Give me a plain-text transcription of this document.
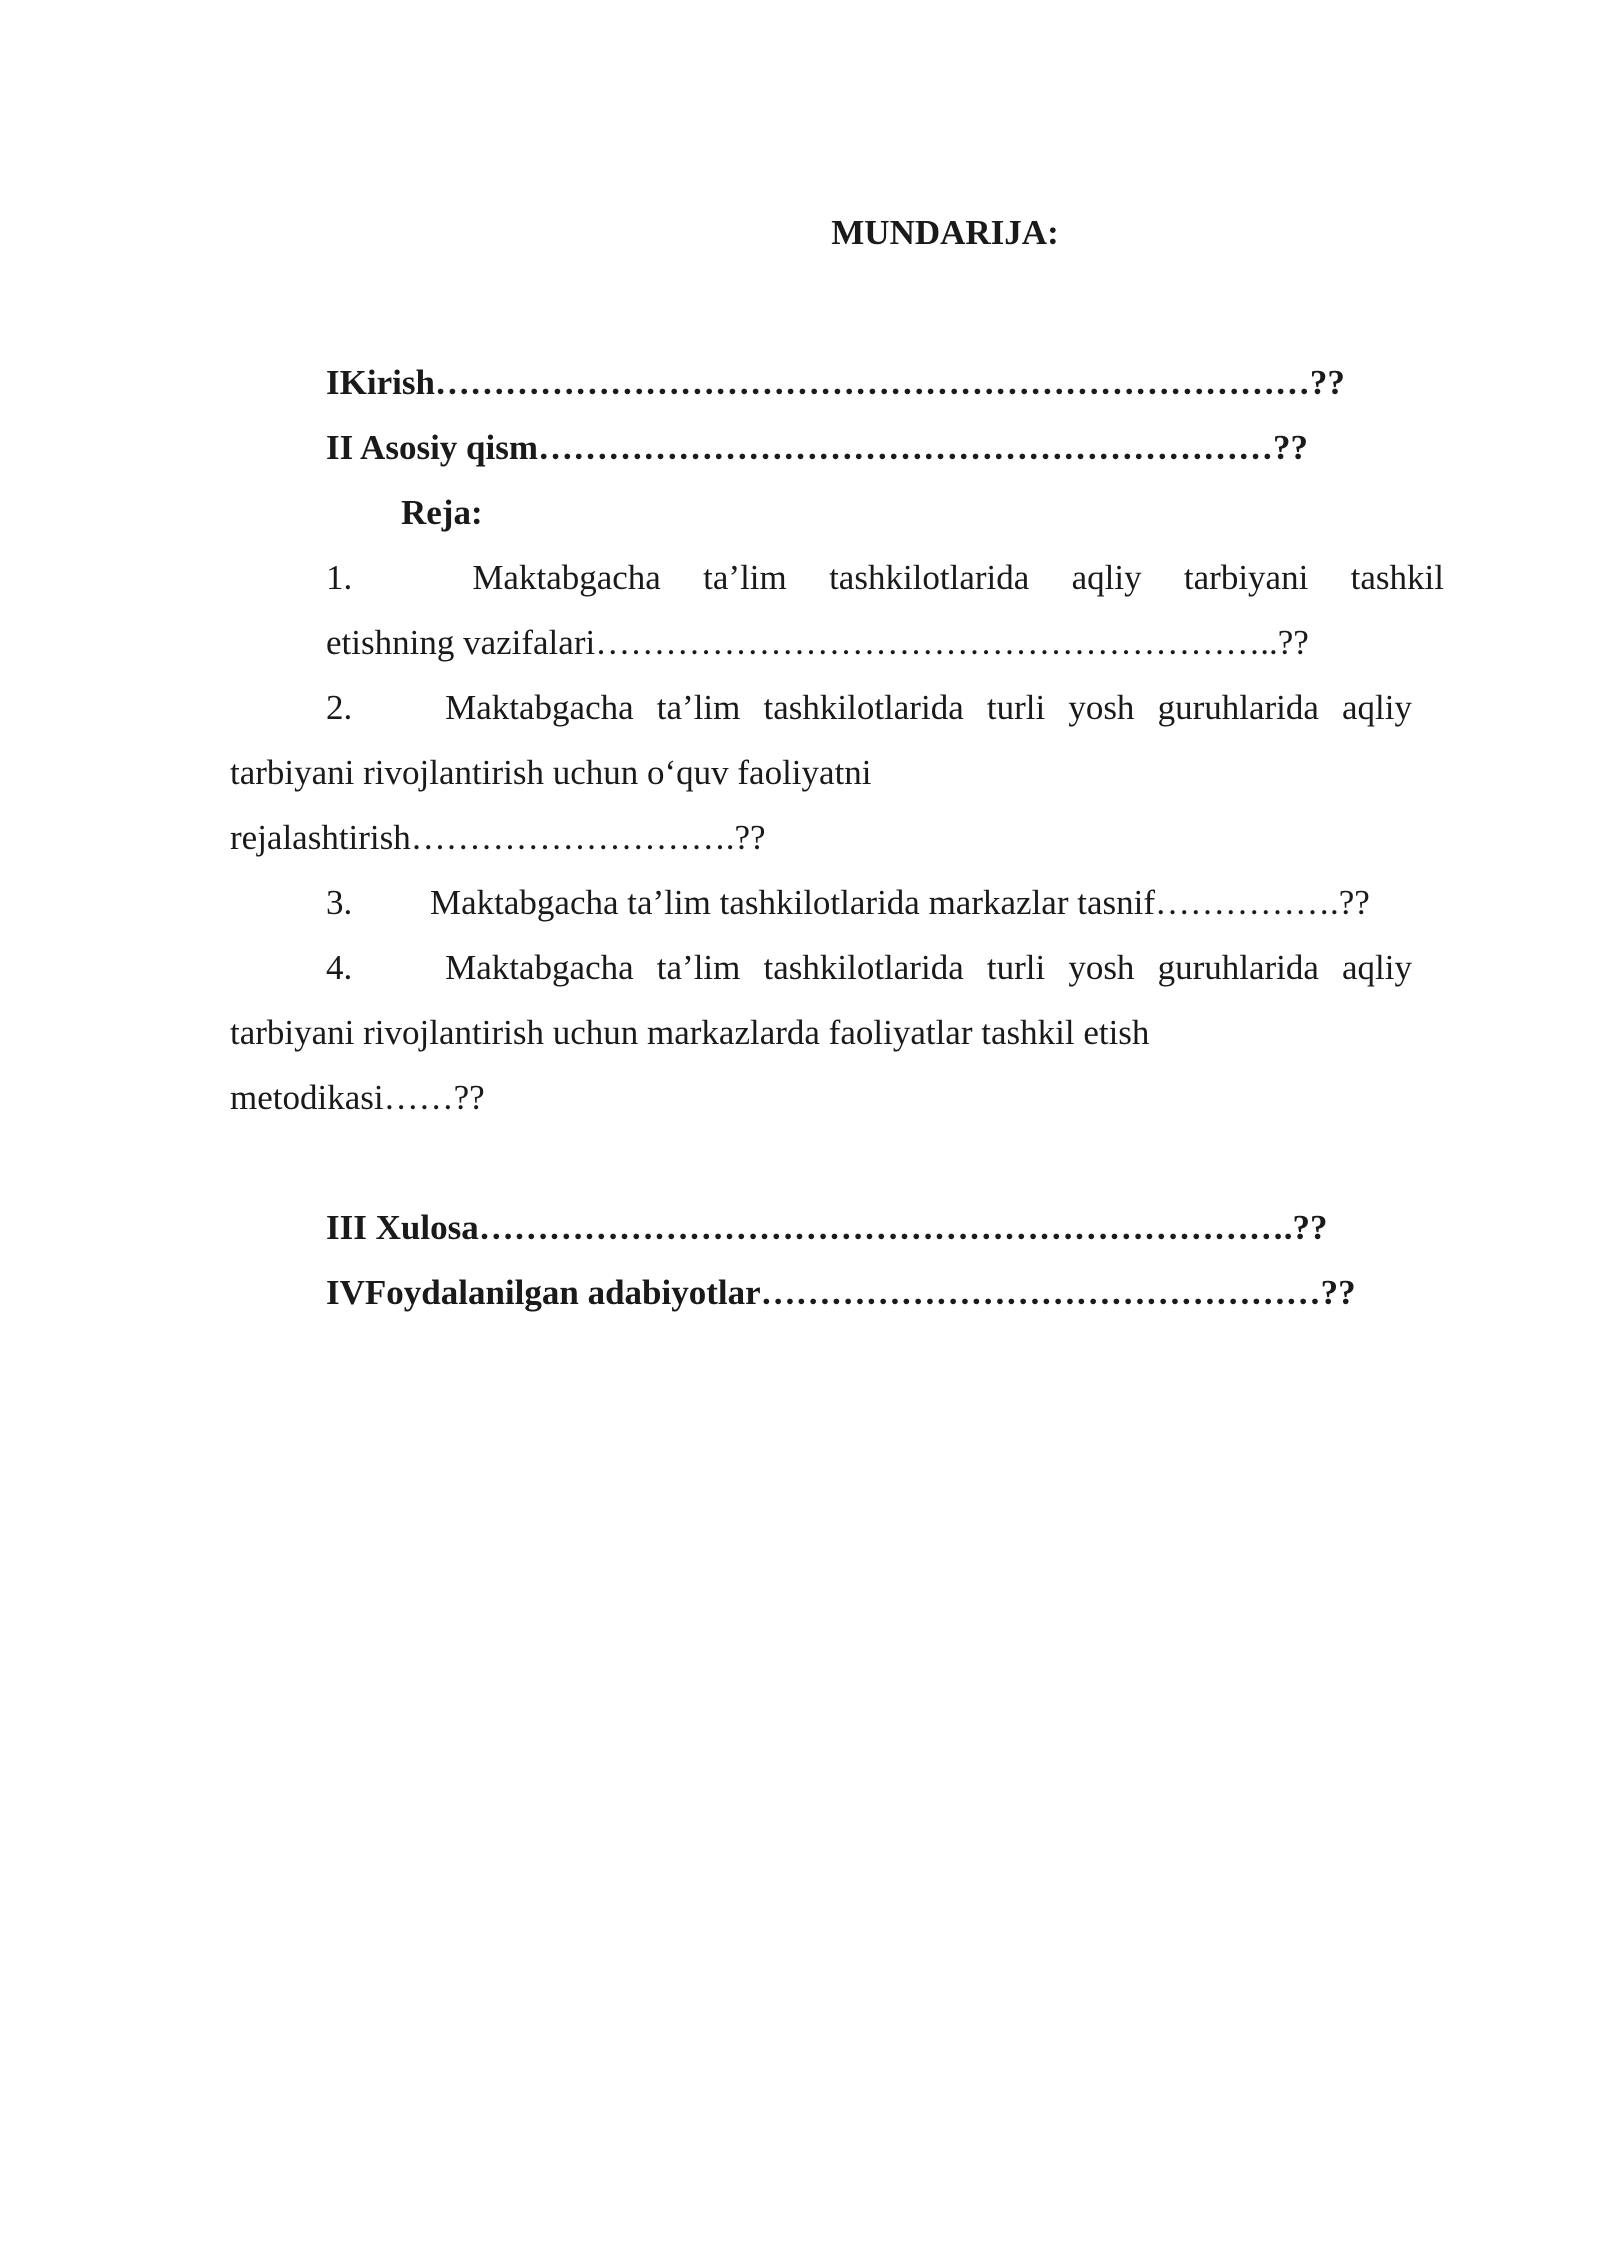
MUNDARIJA:
IKirish…………………………………………………………………??
II Asosiy qism………………………………………………………??
Reja:
1.	Maktabgacha ta’lim tashkilotlarida aqliy tarbiyani tashkil
etishning vazifalari…………………………………………………..??
2.	Maktabgacha ta’lim tashkilotlarida turli yosh guruhlarida aqliy
tarbiyani rivojlantirish uchun o‘quv faoliyatni
rejalashtirish……………………….??
3. Maktabgacha ta’lim tashkilotlarida markazlar tasnif…………….??
4.	Maktabgacha ta’lim tashkilotlarida turli yosh guruhlarida aqliy
tarbiyani rivojlantirish uchun markazlarda faoliyatlar tashkil etish
metodikasi……??
III Xulosa…………………………………………………………….??
IVFoydalanilgan adabiyotlar…………………………………………??
